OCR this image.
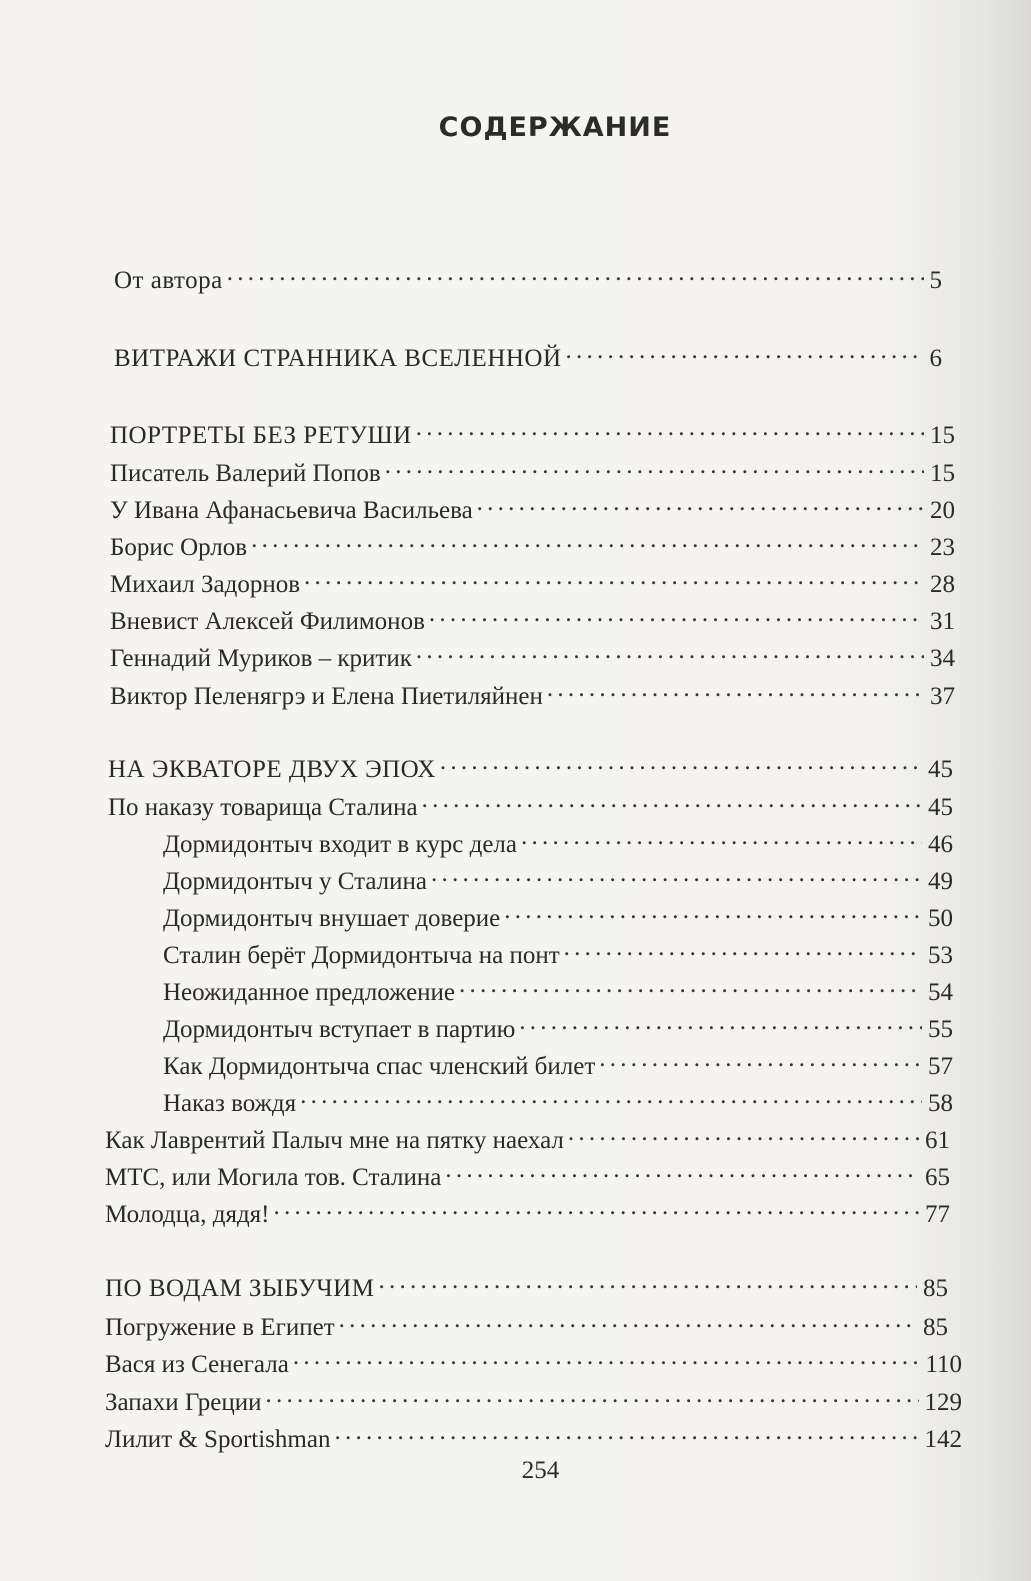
СОДЕРЖАНИЕ
От автора . . .	5
ВИТРАЖИ СТРАННИКА ВСЕЛЕННОЙ . . .	6
ПОРТРЕТЫ БЕЗ РЕТУШИ . . .	15
Писатель Валерий Попов . . .	15
У Ивана Афанасьевича Васильева . . .	20
Борис Орлов . . .	23
Михаил Задорнов . . .	28
Вневист Алексей Филимонов . . .	31
Геннадий Муриков – критик . . .	34
Виктор Пеленягрэ и Елена Пиетиляйнен . . .	37
НА ЭКВАТОРЕ ДВУХ ЭПОХ . . .	45
По наказу товарища Сталина . . .	45
Дормидонтыч входит в курс дела . . .	46
Дормидонтыч у Сталина . . .	49
Дормидонтыч внушает доверие . . .	50
Сталин берёт Дормидонтыча на понт . . .	53
Неожиданное предложение . . .	54
Дормидонтыч вступает в партию . . .	55
Как Дормидонтыча спас членский билет . . .	57
Наказ вождя . . .	58
Как Лаврентий Палыч мне на пятку наехал . . .	61
МТС, или Могила тов. Сталина . . .	65
Молодца, дядя! . . .	77
ПО ВОДАМ ЗЫБУЧИМ . . .	85
Погружение в Египет . . .	85
Вася из Сенегала . . .	110
Запахи Греции . . .	129
Лилит & Sportishman . . .	142
254
